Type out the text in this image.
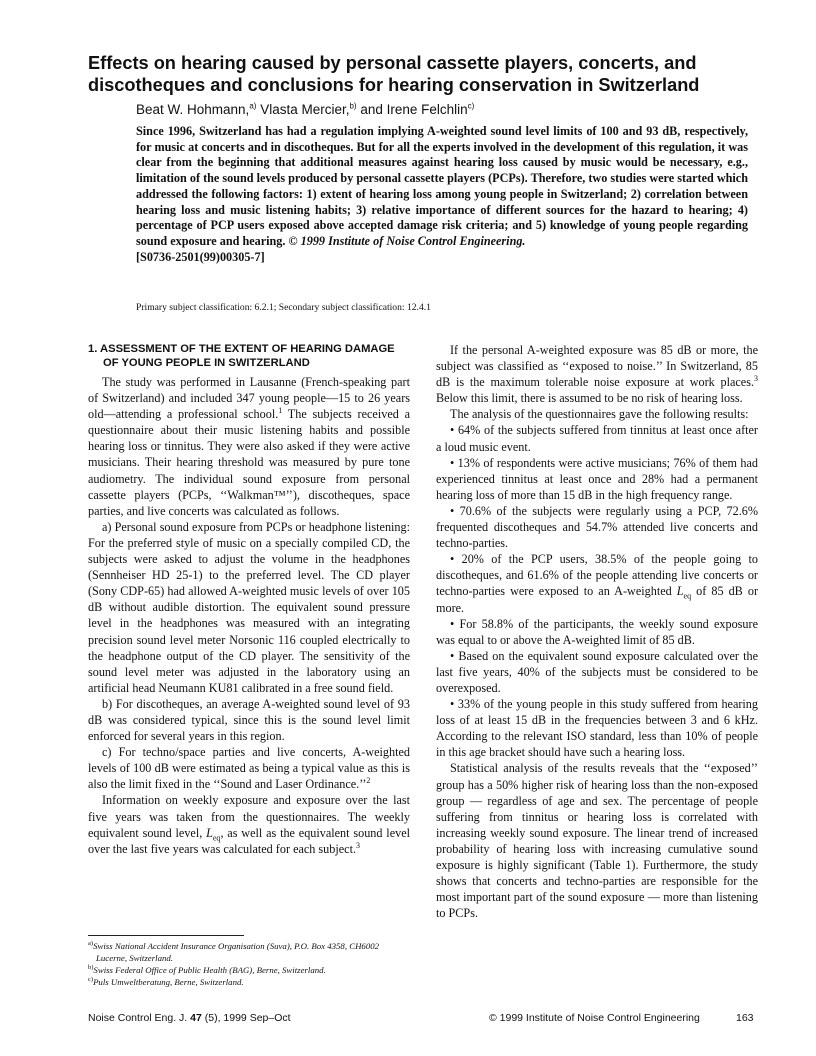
Effects on hearing caused by personal cassette players, concerts, and discotheques and conclusions for hearing conservation in Switzerland

Beat W. Hohmann,$^{a)}$ Vlasta Mercier,$^{b)}$ and Irene Felchlin$^{c)}$

Since 1996, Switzerland has had a regulation implying A-weighted sound level limits of 100 and 93 dB, respectively, for music at concerts and in discotheques. But for all the experts involved in the development of this regulation, it was clear from the beginning that additional measures against hearing loss caused by music would be necessary, e.g., limitation of the sound levels produced by personal cassette players (PCPs). Therefore, two studies were started which addressed the following factors: 1) extent of hearing loss among young people in Switzerland; 2) correlation between hearing loss and music listening habits; 3) relative importance of different sources for the hazard to hearing; 4) percentage of PCP users exposed above accepted damage risk criteria; and 5) knowledge of young people regarding sound exposure and hearing. © 1999 Institute of Noise Control Engineering.
[S0736-2501(99)00305-7]

Primary subject classification: 6.2.1; Secondary subject classification: 12.4.1

1. ASSESSMENT OF THE EXTENT OF HEARING DAMAGE OF YOUNG PEOPLE IN SWITZERLAND

The study was performed in Lausanne (French-speaking part of Switzerland) and included 347 young people—15 to 26 years old—attending a professional school.$^1$ The subjects received a questionnaire about their music listening habits and possible hearing loss or tinnitus. They were also asked if they were active musicians. Their hearing threshold was measured by pure tone audiometry. The individual sound exposure from personal cassette players (PCPs, ‘‘Walkman™’’), discotheques, space parties, and live concerts was calculated as follows.

a) Personal sound exposure from PCPs or headphone listening: For the preferred style of music on a specially compiled CD, the subjects were asked to adjust the volume in the headphones (Sennheiser HD 25-1) to the preferred level. The CD player (Sony CDP-65) had allowed A-weighted music levels of over 105 dB without audible distortion. The equivalent sound pressure level in the headphones was measured with an integrating precision sound level meter Norsonic 116 coupled electrically to the headphone output of the CD player. The sensitivity of the sound level meter was adjusted in the laboratory using an artificial head Neumann KU81 calibrated in a free sound field.

b) For discotheques, an average A-weighted sound level of 93 dB was considered typical, since this is the sound level limit enforced for several years in this region.

c) For techno/space parties and live concerts, A-weighted levels of 100 dB were estimated as being a typical value as this is also the limit fixed in the ‘‘Sound and Laser Ordinance.’’$^2$

Information on weekly exposure and exposure over the last five years was taken from the questionnaires. The weekly equivalent sound level, $L_{eq}$, as well as the equivalent sound level over the last five years was calculated for each subject.$^3$

If the personal A-weighted exposure was 85 dB or more, the subject was classified as ‘‘exposed to noise.’’ In Switzerland, 85 dB is the maximum tolerable noise exposure at work places.$^3$ Below this limit, there is assumed to be no risk of hearing loss.

The analysis of the questionnaires gave the following results:

• 64% of the subjects suffered from tinnitus at least once after a loud music event.

• 13% of respondents were active musicians; 76% of them had experienced tinnitus at least once and 28% had a permanent hearing loss of more than 15 dB in the high frequency range.

• 70.6% of the subjects were regularly using a PCP, 72.6% frequented discotheques and 54.7% attended live concerts and techno-parties.

• 20% of the PCP users, 38.5% of the people going to discotheques, and 61.6% of the people attending live concerts or techno-parties were exposed to an A-weighted $L_{eq}$ of 85 dB or more.

• For 58.8% of the participants, the weekly sound exposure was equal to or above the A-weighted limit of 85 dB.

• Based on the equivalent sound exposure calculated over the last five years, 40% of the subjects must be considered to be overexposed.

• 33% of the young people in this study suffered from hearing loss of at least 15 dB in the frequencies between 3 and 6 kHz. According to the relevant ISO standard, less than 10% of people in this age bracket should have such a hearing loss.

Statistical analysis of the results reveals that the ‘‘exposed’’ group has a 50% higher risk of hearing loss than the non-exposed group — regardless of age and sex. The percentage of people suffering from tinnitus or hearing loss is correlated with increasing weekly sound exposure. The linear trend of increased probability of hearing loss with increasing cumulative sound exposure is highly significant (Table 1). Furthermore, the study shows that concerts and techno-parties are responsible for the most important part of the sound exposure — more than listening to PCPs.

$^{a)}$Swiss National Accident Insurance Organisation (Suva), P.O. Box 4358, CH6002 Lucerne, Switzerland.
$^{b)}$Swiss Federal Office of Public Health (BAG), Berne, Switzerland.
$^{c)}$Puls Umweltberatung, Berne, Switzerland.
Noise Control Eng. J. 47 (5), 1999 Sep–Oct	© 1999 Institute of Noise Control Engineering	163
